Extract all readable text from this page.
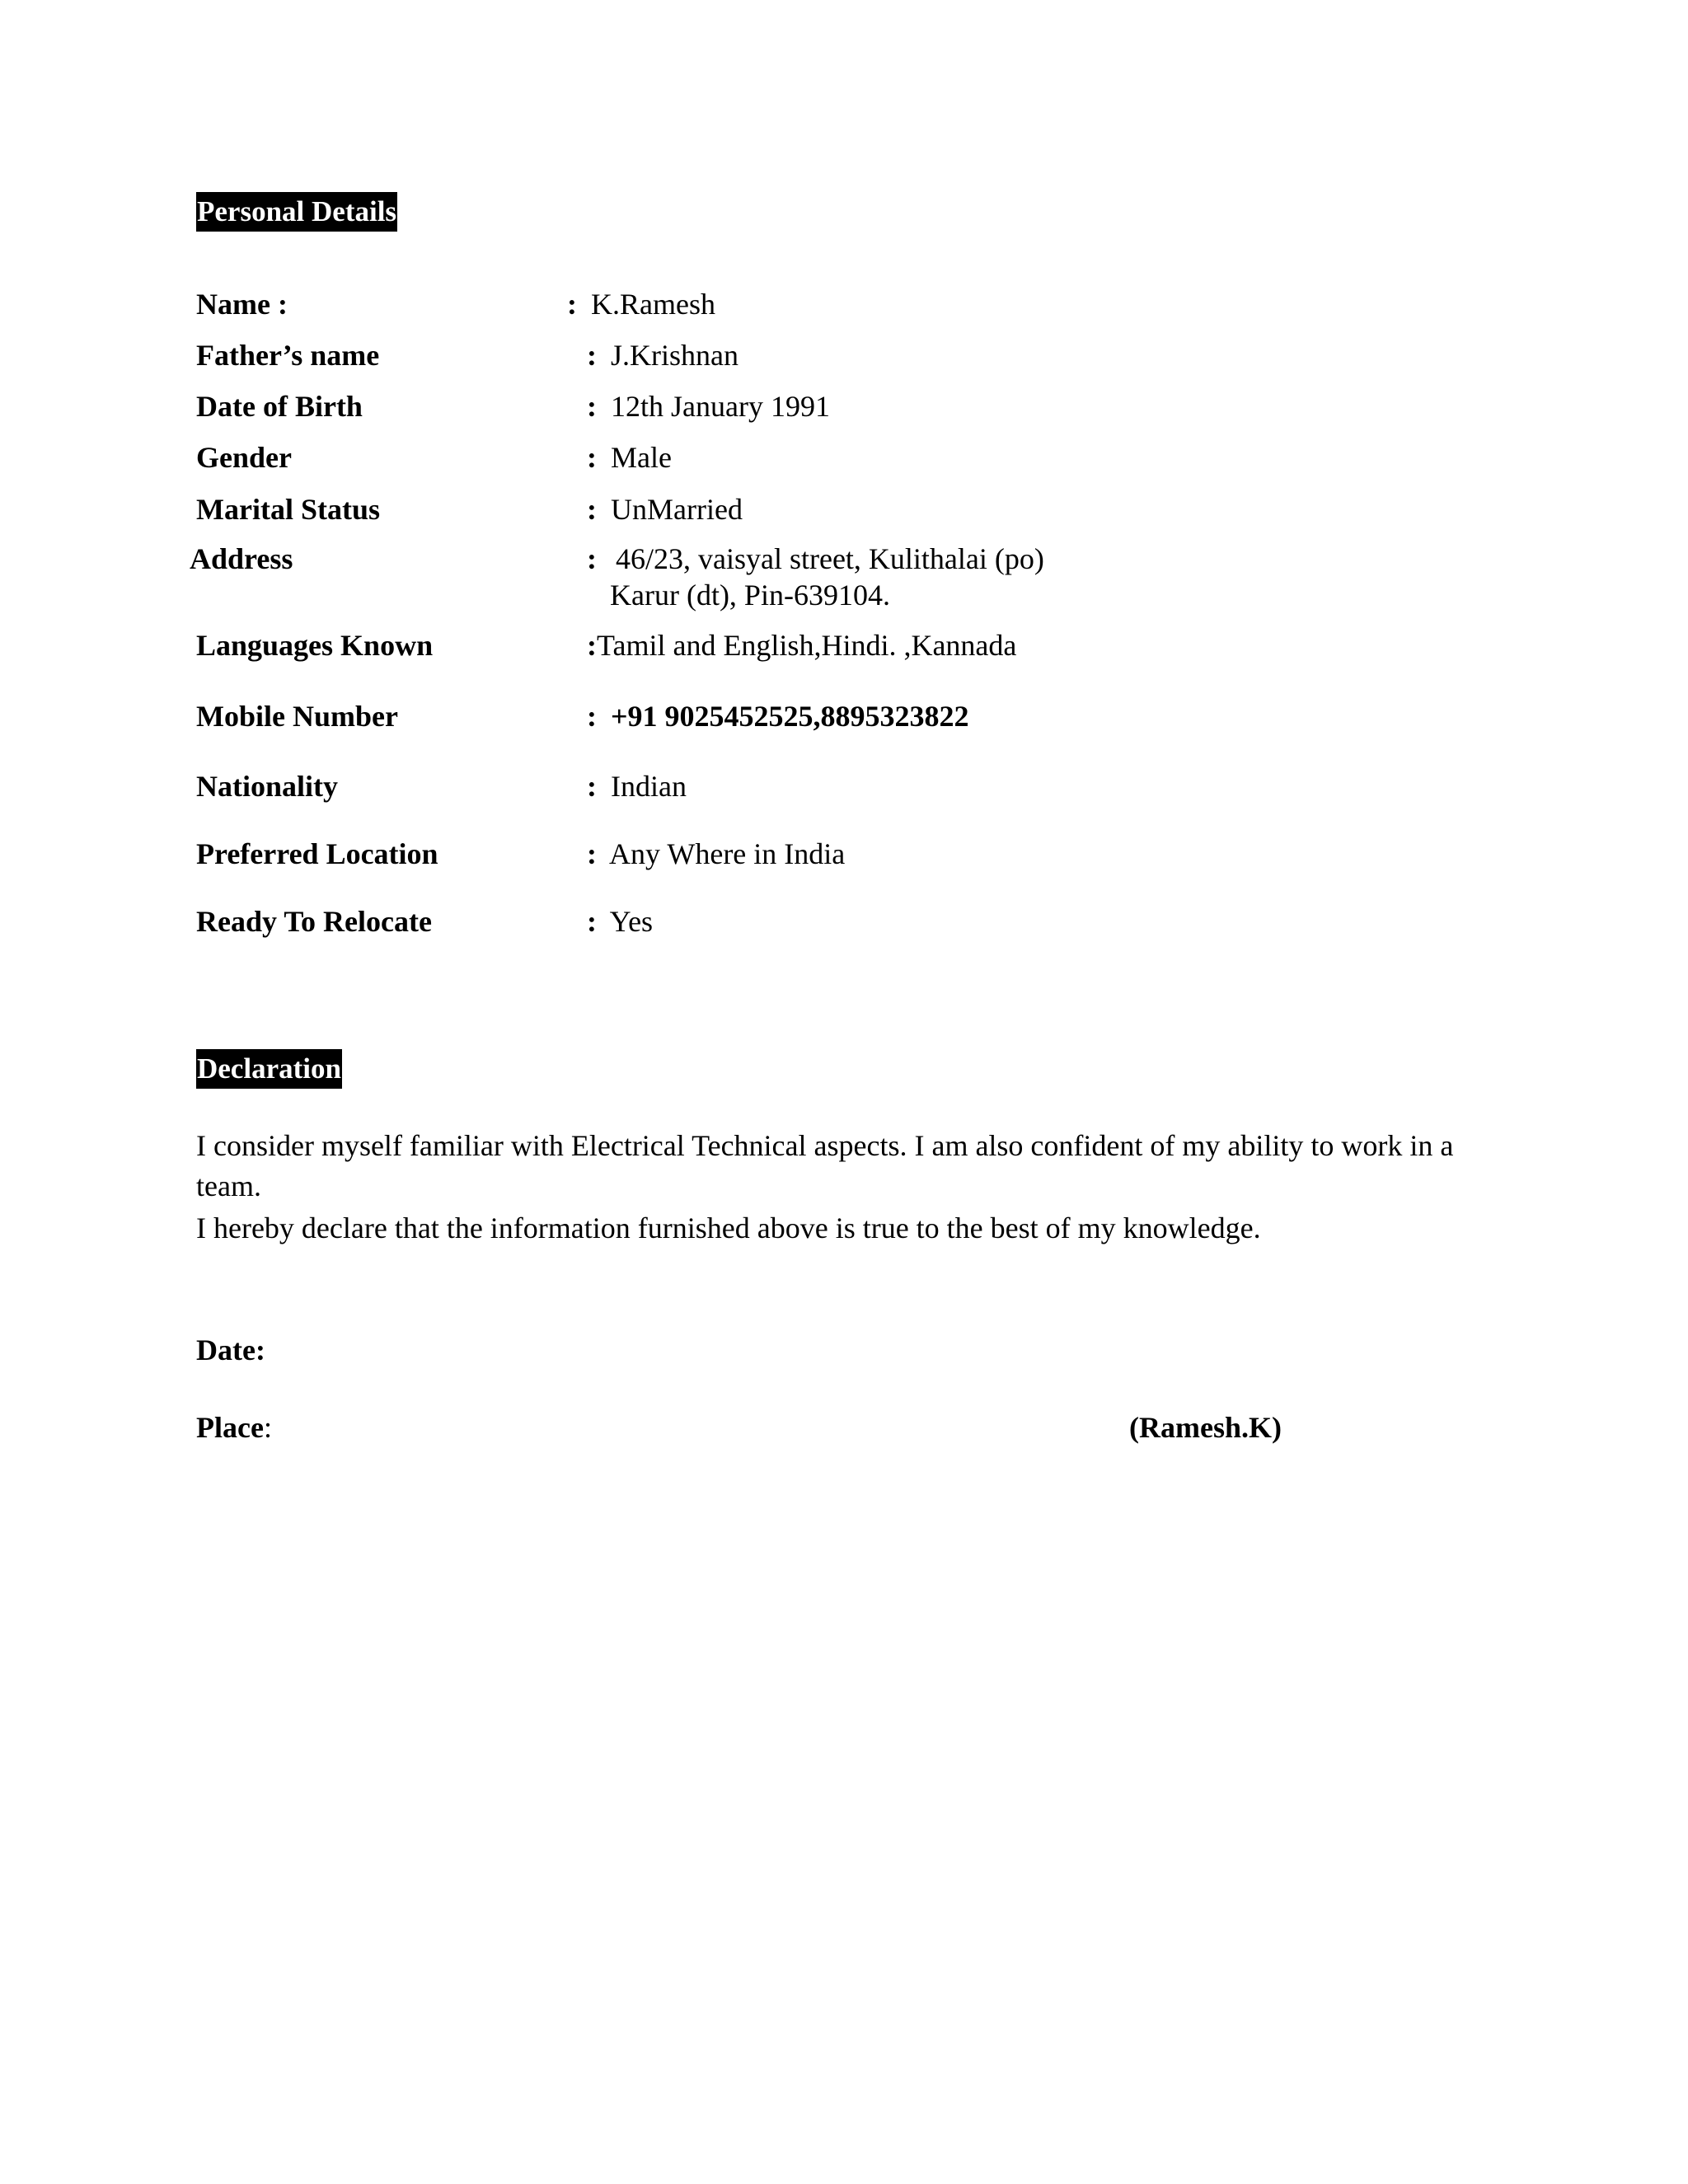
Personal Details
Name :	: K.Ramesh
Father’s name	: J.Krishnan
Date of Birth	: 12th January 1991
Gender	: Male
Marital Status	: UnMarried
Address	: 46/23, vaisyal street, Kulithalai (po)
Karur (dt), Pin-639104.
Languages Known	:Tamil and English,Hindi. ,Kannada
Mobile Number	: +91 9025452525,8895323822
Nationality	: Indian
Preferred Location	: Any Where in India
Ready To Relocate	: Yes
Declaration
I consider myself familiar with Electrical Technical aspects. I am also confident of my ability to work in a team.
I hereby declare that the information furnished above is true to the best of my knowledge.
Date:
Place:	(Ramesh.K)
